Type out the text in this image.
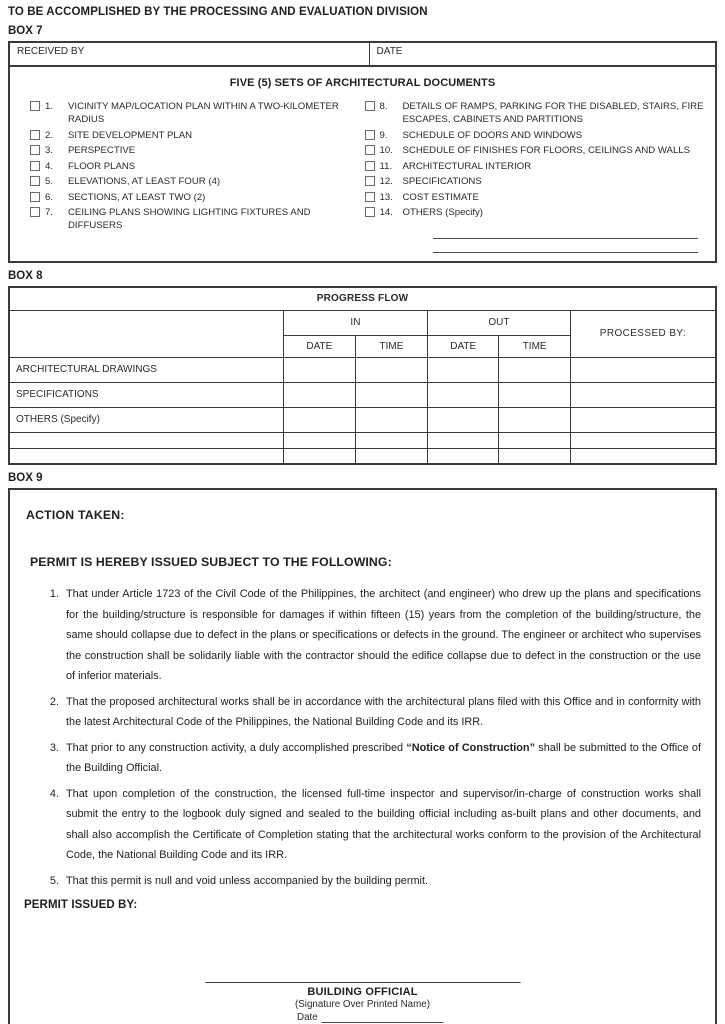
TO BE ACCOMPLISHED BY THE PROCESSING AND EVALUATION DIVISION
BOX 7
RECEIVED BY	DATE
FIVE (5) SETS OF ARCHITECTURAL DOCUMENTS
1.	VICINITY MAP/LOCATION PLAN WITHIN A TWO-KILOMETER RADIUS
2.	SITE DEVELOPMENT PLAN
3.	PERSPECTIVE
4.	FLOOR PLANS
5.	ELEVATIONS, AT LEAST FOUR (4)
6.	SECTIONS, AT LEAST TWO (2)
7.	CEILING PLANS SHOWING LIGHTING FIXTURES AND DIFFUSERS
8.	DETAILS OF RAMPS, PARKING FOR THE DISABLED, STAIRS, FIRE ESCAPES, CABINETS AND PARTITIONS
9.	SCHEDULE OF DOORS AND WINDOWS
10.	SCHEDULE OF FINISHES FOR FLOORS, CEILINGS AND WALLS
11.	ARCHITECTURAL INTERIOR
12.	SPECIFICATIONS
13.	COST ESTIMATE
14.	OTHERS (Specify)
BOX 8
PROGRESS FLOW					
	IN		OUT		PROCESSED BY:
	DATE	TIME	DATE	TIME	
ARCHITECTURAL DRAWINGS					
SPECIFICATIONS					
OTHERS (Specify)					

BOX 9
ACTION TAKEN:
PERMIT IS HEREBY ISSUED SUBJECT TO THE FOLLOWING:
1. That under Article 1723 of the Civil Code of the Philippines, the architect (and engineer) who drew up the plans and specifications for the building/structure is responsible for damages if within fifteen (15) years from the completion of the building/structure, the same should collapse due to defect in the plans or specifications or defects in the ground. The engineer or architect who supervises the construction shall be solidarily liable with the contractor should the edifice collapse due to defect in the construction or the use of inferior materials.
2. That the proposed architectural works shall be in accordance with the architectural plans filed with this Office and in conformity with the latest Architectural Code of the Philippines, the National Building Code and its IRR.
3. That prior to any construction activity, a duly accomplished prescribed “Notice of Construction” shall be submitted to the Office of the Building Official.
4. That upon completion of the construction, the licensed full-time inspector and supervisor/in-charge of construction works shall submit the entry to the logbook duly signed and sealed to the building official including as-built plans and other documents, and shall also accomplish the Certificate of Completion stating that the architectural works conform to the provision of the Architectural Code, the National Building Code and its IRR.
5. That this permit is null and void unless accompanied by the building permit.
PERMIT ISSUED BY:
BUILDING OFFICIAL
(Signature Over Printed Name)
Date
